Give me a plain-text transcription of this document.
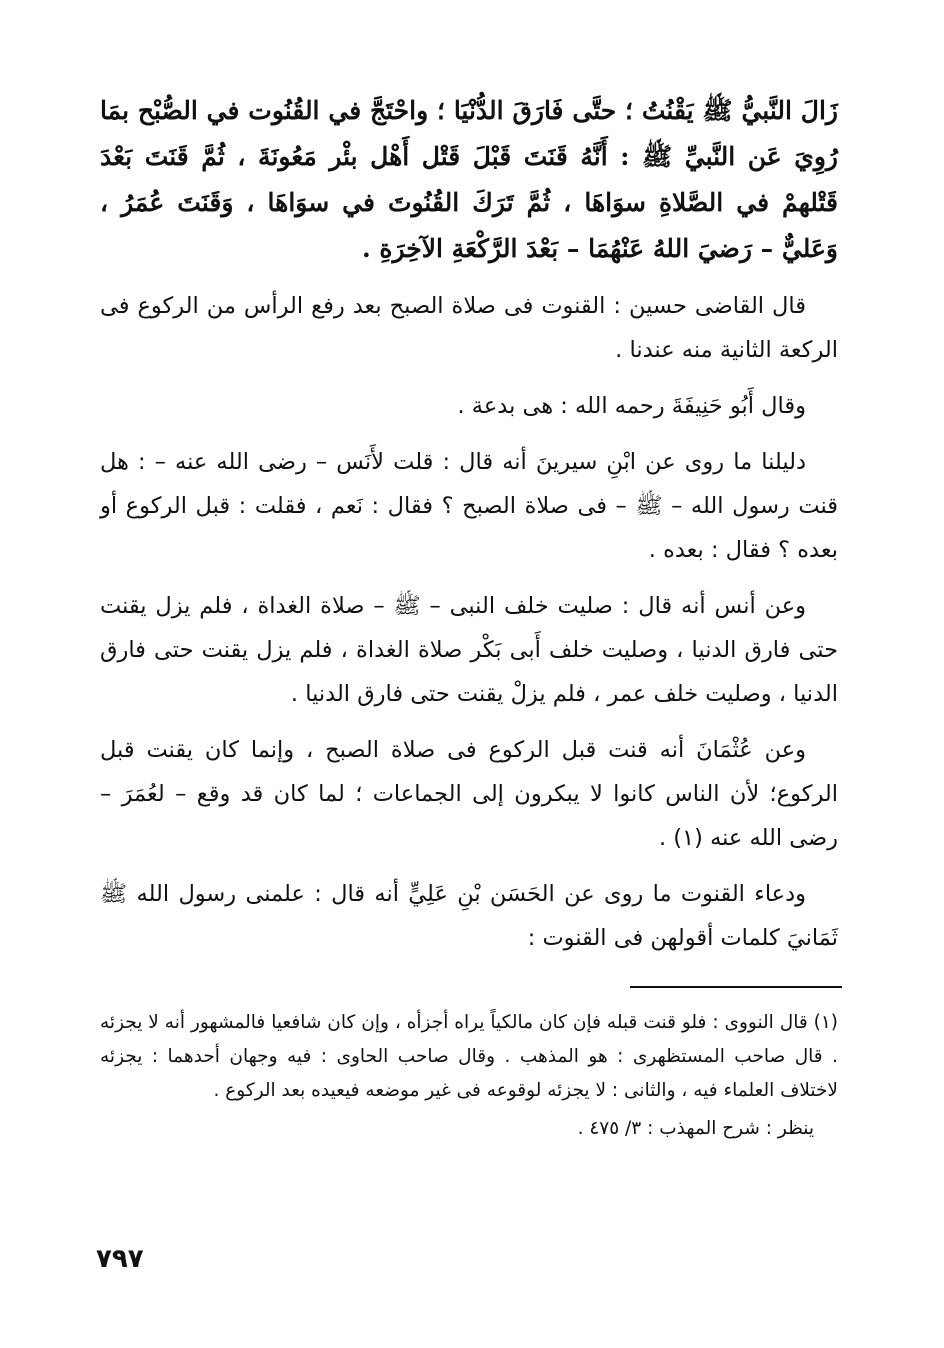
زَالَ النَّبيُّ ﷺ يَقْنُتُ ؛ حتَّى فَارَقَ الدُّنْيَا ؛ واحْتَجَّ في القُنُوت في الصُّبْح بمَا رُوِيَ عَن النَّبيِّ ﷺ : أَنَّهُ قَنَتَ قَبْلَ قَتْل أَهْل بئْر مَعُونَةَ ، ثُمَّ قَنَتَ بَعْدَ قَتْلهمْ في الصَّلاةِ سوَاهَا ، ثُمَّ تَرَكَ القُنُوتَ في سوَاهَا ، وَقَنَتَ عُمَرُ ، وَعَليٌّ – رَضيَ اللهُ عَنْهُمَا – بَعْدَ الرَّكْعَةِ الآخِرَةِ .

قال القاضى حسين : القنوت فى صلاة الصبح بعد رفع الرأس من الركوع فى الركعة الثانية منه عندنا .

وقال أَبُو حَنِيفَةَ رحمه الله : هى بدعة .

دليلنا ما روى عن ابْنِ سيرينَ أنه قال : قلت لأَنَس – رضى الله عنه – : هل قنت رسول الله – ﷺ – فى صلاة الصبح ؟ فقال : نَعم ، فقلت : قبل الركوع أو بعده ؟ فقال : بعده .

وعن أنس أنه قال : صليت خلف النبى – ﷺ – صلاة الغداة ، فلم يزل يقنت حتى فارق الدنيا ، وصليت خلف أَبى بَكْر صلاة الغداة ، فلم يزل يقنت حتى فارق الدنيا ، وصليت خلف عمر ، فلم يزلْ يقنت حتى فارق الدنيا .

وعن عُثْمَانَ أنه قنت قبل الركوع فى صلاة الصبح ، وإنما كان يقنت قبل الركوع؛ لأن الناس كانوا لا يبكرون إلى الجماعات ؛ لما كان قد وقع – لعُمَرَ – رضى الله عنه (١) .

ودعاء القنوت ما روى عن الحَسَن بْنِ عَلِيٍّ أنه قال : علمنى رسول الله ﷺ ثَمَانيَ كلمات أقولهن فى القنوت :

(١) قال النووى : فلو قنت قبله فإن كان مالكياً يراه أجزأه ، وإن كان شافعيا فالمشهور أنه لا يجزئه . قال صاحب المستظهرى : هو المذهب . وقال صاحب الحاوى : فيه وجهان أحدهما : يجزئه لاختلاف العلماء فيه ، والثانى : لا يجزئه لوقوعه فى غير موضعه فيعيده بعد الركوع .

ينظر : شرح المهذب : ٣/ ٤٧٥ .

٧٩٧
